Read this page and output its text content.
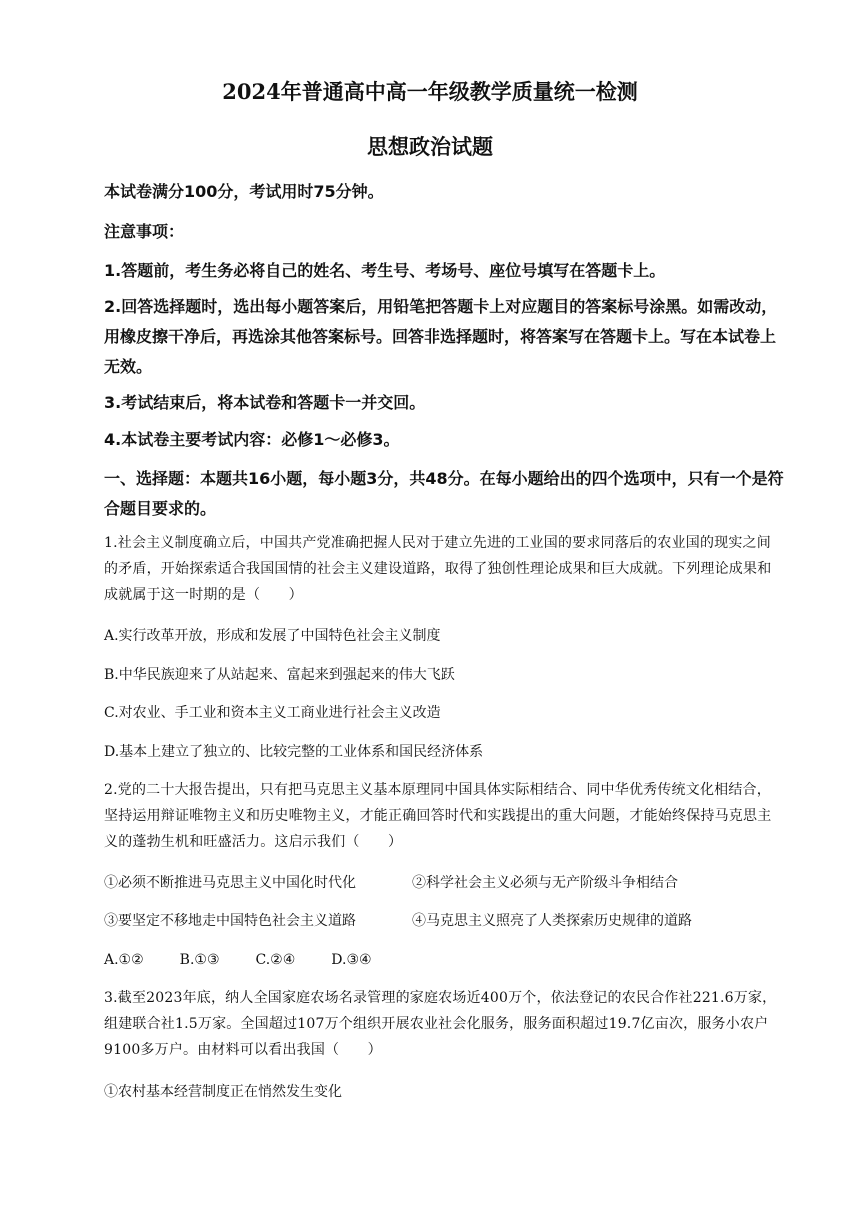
2024年普通高中高一年级教学质量统一检测
思想政治试题
本试卷满分100分，考试用时75分钟。
注意事项：
1.答题前，考生务必将自己的姓名、考生号、考场号、座位号填写在答题卡上。
2.回答选择题时，选出每小题答案后，用铅笔把答题卡上对应题目的答案标号涂黑。如需改动，用橡皮擦干净后，再选涂其他答案标号。回答非选择题时，将答案写在答题卡上。写在本试卷上无效。
3.考试结束后，将本试卷和答题卡一并交回。
4.本试卷主要考试内容：必修1～必修3。
一、选择题：本题共16小题，每小题3分，共48分。在每小题给出的四个选项中，只有一个是符合题目要求的。
1.社会主义制度确立后，中国共产党准确把握人民对于建立先进的工业国的要求同落后的农业国的现实之间的矛盾，开始探索适合我国国情的社会主义建设道路，取得了独创性理论成果和巨大成就。下列理论成果和成就属于这一时期的是（　　）
A.实行改革开放，形成和发展了中国特色社会主义制度
B.中华民族迎来了从站起来、富起来到强起来的伟大飞跃
C.对农业、手工业和资本主义工商业进行社会主义改造
D.基本上建立了独立的、比较完整的工业体系和国民经济体系
2.党的二十大报告提出，只有把马克思主义基本原理同中国具体实际相结合、同中华优秀传统文化相结合，坚持运用辩证唯物主义和历史唯物主义，才能正确回答时代和实践提出的重大问题，才能始终保持马克思主义的蓬勃生机和旺盛活力。这启示我们（　　）
①必须不断推进马克思主义中国化时代化	②科学社会主义必须与无产阶级斗争相结合
③要坚定不移地走中国特色社会主义道路	④马克思主义照亮了人类探索历史规律的道路
A.①②	B.①③	C.②④	D.③④
3.截至2023年底，纳人全国家庭农场名录管理的家庭农场近400万个，依法登记的农民合作社221.6万家，组建联合社1.5万家。全国超过107万个组织开展农业社会化服务，服务面积超过19.7亿亩次，服务小农户9100多万户。由材料可以看出我国（　　）
①农村基本经营制度正在悄然发生变化
